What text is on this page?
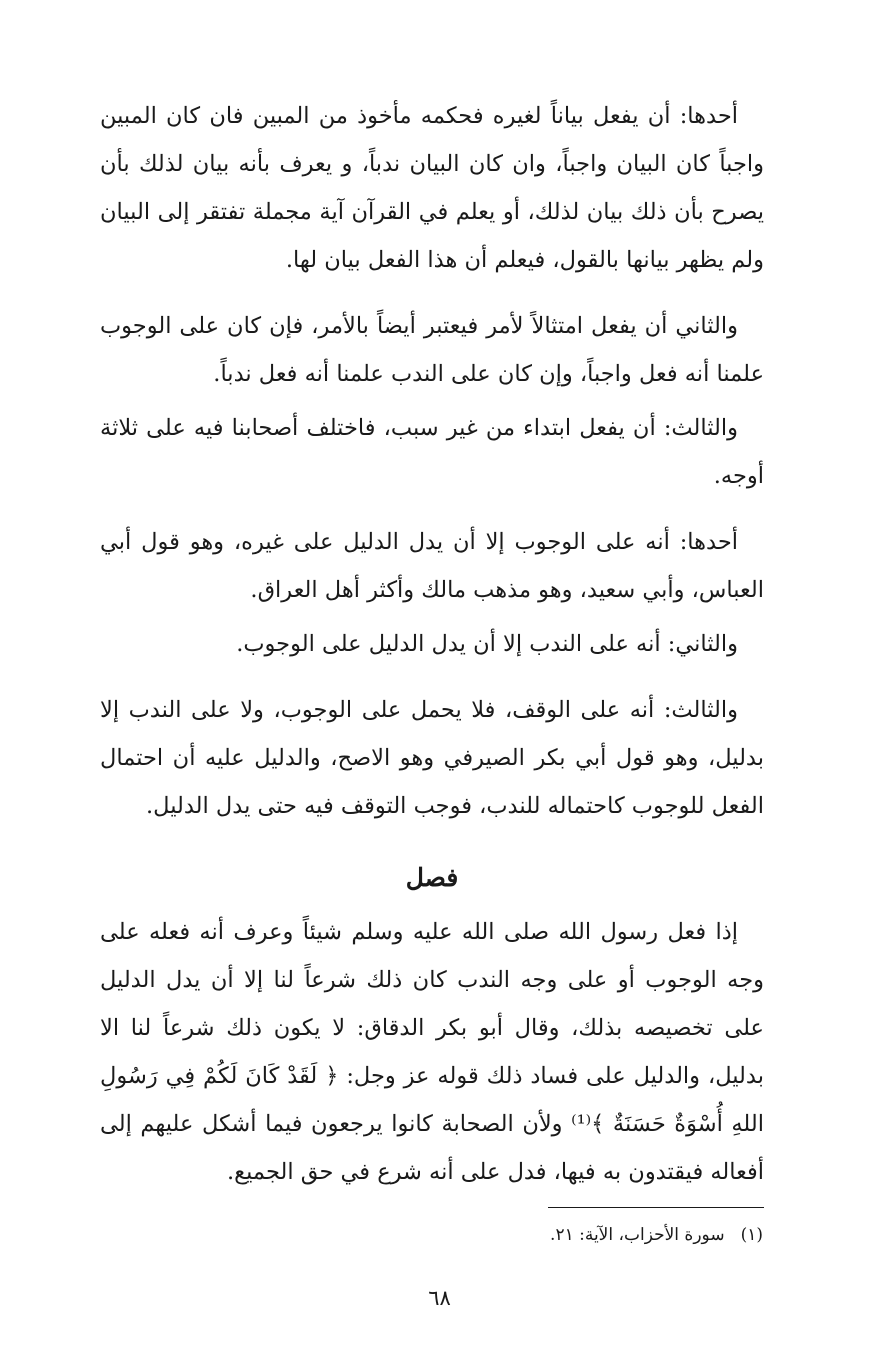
أحدها: أن يفعل بياناً لغيره فحكمه مأخوذ من المبين فان كان المبين واجباً كان البيان واجباً، وان كان البيان ندباً، و يعرف بأنه بيان لذلك بأن يصرح بأن ذلك بيان لذلك، أو يعلم في القرآن آية مجملة تفتقر إلى البيان ولم يظهر بيانها بالقول، فيعلم أن هذا الفعل بيان لها.

والثاني أن يفعل امتثالاً لأمر فيعتبر أيضاً بالأمر، فإن كان على الوجوب علمنا أنه فعل واجباً، وإن كان على الندب علمنا أنه فعل ندباً.

والثالث: أن يفعل ابتداء من غير سبب، فاختلف أصحابنا فيه على ثلاثة أوجه.

أحدها: أنه على الوجوب إلا أن يدل الدليل على غيره، وهو قول أبي العباس، وأبي سعيد، وهو مذهب مالك وأكثر أهل العراق.

والثاني: أنه على الندب إلا أن يدل الدليل على الوجوب.

والثالث: أنه على الوقف، فلا يحمل على الوجوب، ولا على الندب إلا بدليل، وهو قول أبي بكر الصيرفي وهو الاصح، والدليل عليه أن احتمال الفعل للوجوب كاحتماله للندب، فوجب التوقف فيه حتى يدل الدليل.

فصل

إذا فعل رسول الله صلى الله عليه وسلم شيئاً وعرف أنه فعله على وجه الوجوب أو على وجه الندب كان ذلك شرعاً لنا إلا أن يدل الدليل على تخصيصه بذلك، وقال أبو بكر الدقاق: لا يكون ذلك شرعاً لنا الا بدليل، والدليل على فساد ذلك قوله عز وجل: ﴿ لَقَدْ كَانَ لَكُمْ فِي رَسُولِ اللهِ أُسْوَةٌ حَسَنَةٌ ﴾⁽¹⁾ ولأن الصحابة كانوا يرجعون فيما أشكل عليهم إلى أفعاله فيقتدون به فيها، فدل على أنه شرع في حق الجميع.

(١)سورة الأحزاب، الآية: ٢١.
٦٨
